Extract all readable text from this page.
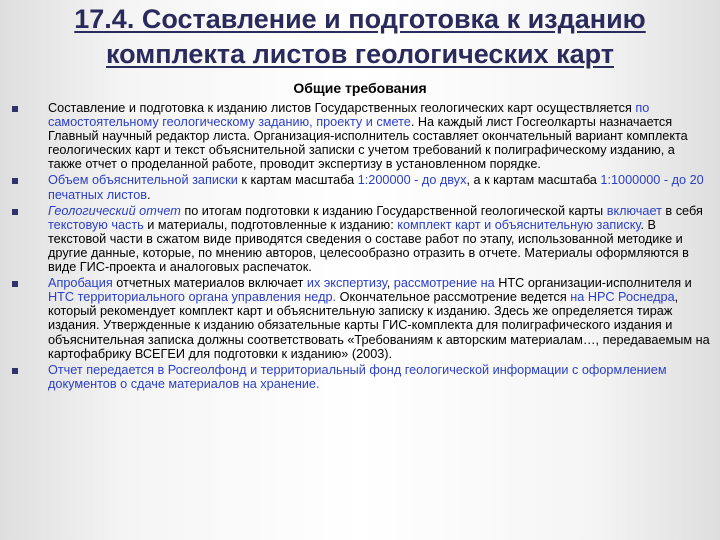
17.4. Составление и подготовка к изданию
комплекта листов геологических карт
Общие требования
Составление и подготовка к изданию листов Государственных геологических карт осуществляется по самостоятельному геологическому заданию, проекту и смете. На каждый лист Госгеолкарты назначается Главный научный редактор листа. Организация-исполнитель составляет окончательный вариант комплекта геологических карт и текст объяснительной записки с учетом требований к полиграфическому изданию, а также отчет о проделанной работе, проводит экспертизу в установленном порядке.
Объем объяснительной записки к картам масштаба 1:200000 - до двух, а к картам масштаба 1:1000000 - до 20 печатных листов.
Геологический отчет по итогам подготовки к изданию Государственной геологической карты включает в себя текстовую часть и материалы, подготовленные к изданию: комплект карт и объяснительную записку. В текстовой части в сжатом виде приводятся сведения о составе работ по этапу, использованной методике и другие данные, которые, по мнению авторов, целесообразно отразить в отчете. Материалы оформляются в виде ГИС-проекта и аналоговых распечаток.
Апробация отчетных материалов включает их экспертизу, рассмотрение на НТС организации-исполнителя и НТС территориального органа управления недр. Окончательное рассмотрение ведется на НРС Роснедра, который рекомендует комплект карт и объяснительную записку к изданию. Здесь же определяется тираж издания. Утвержденные к изданию обязательные карты ГИС-комплекта для полиграфического издания и объяснительная записка должны соответствовать «Требованиям к авторским материалам…, передаваемым на картофабрику ВСЕГЕИ для подготовки к изданию» (2003).
Отчет передается в Росгеолфонд и территориальный фонд геологической информации с оформлением документов о сдаче материалов на хранение.
